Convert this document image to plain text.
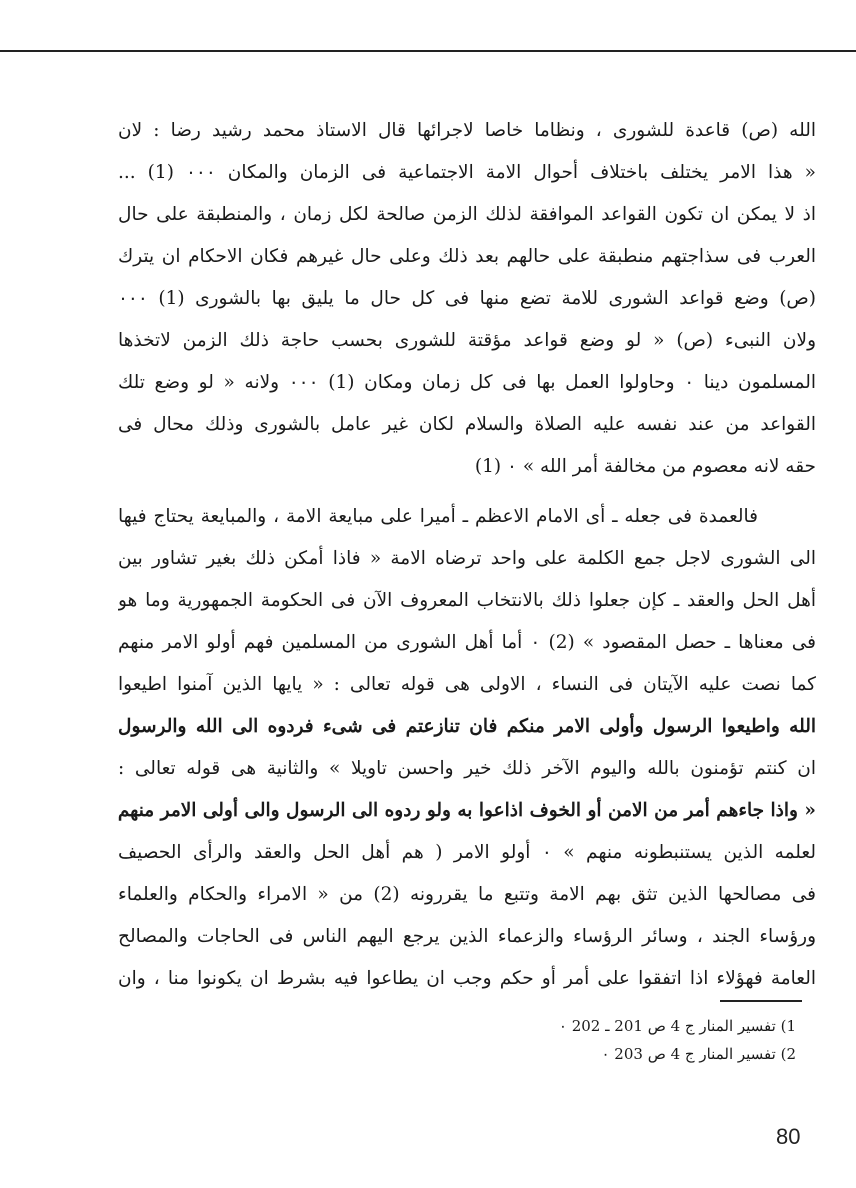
الله (ص) قاعدة للشورى ، ونظاما خاصا لاجرائها قال الاستاذ محمد رشيد رضا : لان
« هذا الامر يختلف باختلاف أحوال الامة الاجتماعية فى الزمان والمكان ٠٠٠ (1) ...
اذ لا يمكن ان تكون القواعد الموافقة لذلك الزمن صالحة لكل زمان ، والمنطبقة على حال
العرب فى سذاجتهم منطبقة على حالهم بعد ذلك وعلى حال غيرهم فكان الاحكام ان يترك
(ص) وضع قواعد الشورى للامة تضع منها فى كل حال ما يليق بها بالشورى (1) ٠٠٠
ولان النبىء (ص) « لو وضع قواعد مؤقتة للشورى بحسب حاجة ذلك الزمن لاتخذها
المسلمون دينا ٠ وحاولوا العمل بها فى كل زمان ومكان (1) ٠٠٠ ولانه « لو وضع تلك
القواعد من عند نفسه عليه الصلاة والسلام لكان غير عامل بالشورى وذلك محال فى
حقه لانه معصوم من مخالفة أمر الله » ٠ (1)
فالعمدة فى جعله ـ أى الامام الاعظم ـ أميرا على مبايعة الامة ، والمبايعة يحتاج فيها
الى الشورى لاجل جمع الكلمة على واحد ترضاه الامة « فاذا أمكن ذلك بغير تشاور بين
أهل الحل والعقد ـ كإن جعلوا ذلك بالانتخاب المعروف الآن فى الحكومة الجمهورية وما هو
فى معناها ـ حصل المقصود » (2) ٠ أما أهل الشورى من المسلمين فهم أولو الامر منهم
كما نصت عليه الآيتان فى النساء ، الاولى هى قوله تعالى : « يايها الذين آمنوا اطيعوا
الله واطيعوا الرسول وأولى الامر منكم فان تنازعتم فى شىء فردوه الى الله والرسول
ان كنتم تؤمنون بالله واليوم الآخر ذلك خير واحسن تاويلا » والثانية هى قوله تعالى :
« واذا جاءهم أمر من الامن أو الخوف اذاعوا به ولو ردوه الى الرسول والى أولى الامر منهم
لعلمه الذين يستنبطونه منهم » ٠ أولو الامر ( هم أهل الحل والعقد والرأى الحصيف
فى مصالحها الذين تثق بهم الامة وتتبع ما يقررونه (2) من « الامراء والحكام والعلماء
ورؤساء الجند ، وسائر الرؤساء والزعماء الذين يرجع اليهم الناس فى الحاجات والمصالح
العامة فهؤلاء اذا اتفقوا على أمر أو حكم وجب ان يطاعوا فيه بشرط ان يكونوا منا ، وان
1) تفسير المنار ج 4 ص 201 ـ 202 ٠
2) تفسير المنار ج 4 ص 203 ٠
80
